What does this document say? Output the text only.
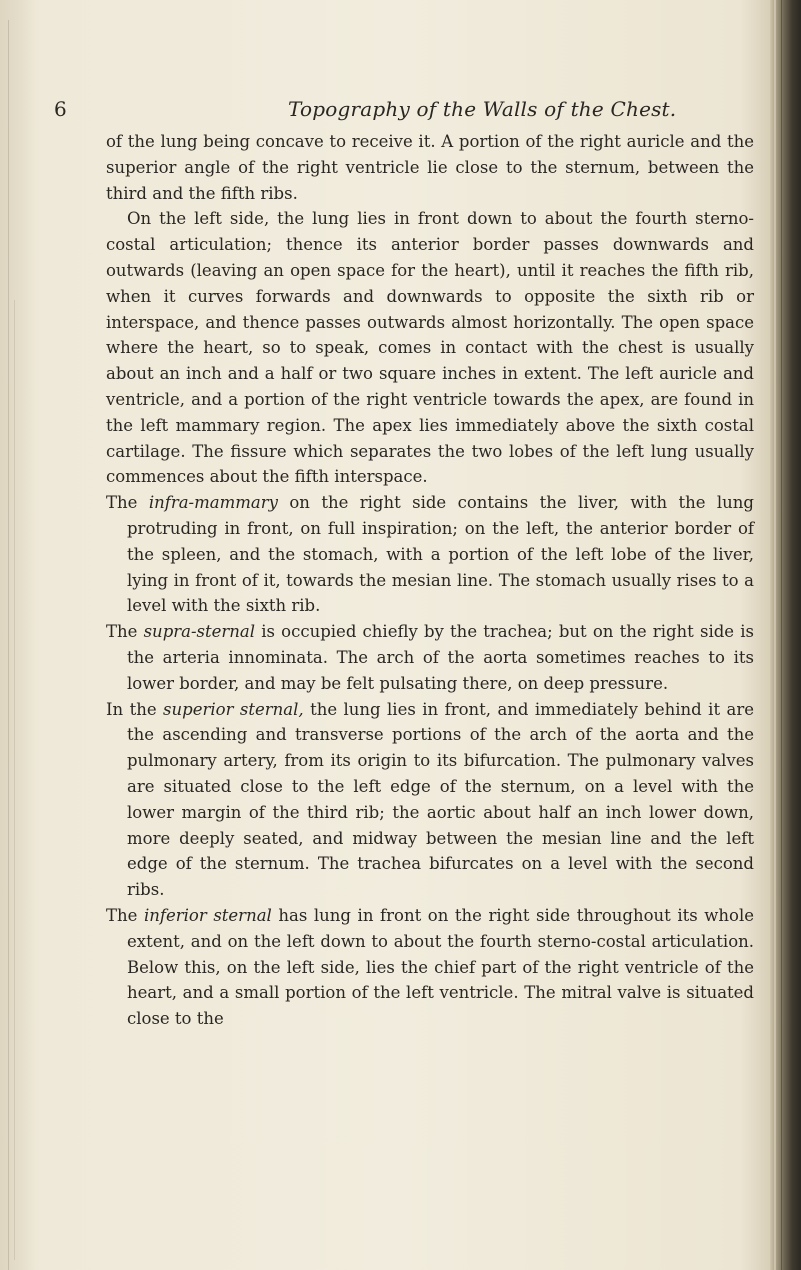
6	Topography of the Walls of the Chest.

of the lung being concave to receive it. A portion of the right auricle and the superior angle of the right ventricle lie close to the sternum, between the third and the fifth ribs.

On the left side, the lung lies in front down to about the fourth sterno-costal articulation; thence its anterior border passes downwards and outwards (leaving an open space for the heart), until it reaches the fifth rib, when it curves forwards and downwards to opposite the sixth rib or interspace, and thence passes outwards almost horizontally. The open space where the heart, so to speak, comes in contact with the chest is usually about an inch and a half or two square inches in extent. The left auricle and ventricle, and a portion of the right ventricle towards the apex, are found in the left mammary region. The apex lies immediately above the sixth costal cartilage. The fissure which separates the two lobes of the left lung usually commences about the fifth interspace.

The infra-mammary on the right side contains the liver, with the lung protruding in front, on full inspiration; on the left, the anterior border of the spleen, and the stomach, with a portion of the left lobe of the liver, lying in front of it, towards the mesian line. The stomach usually rises to a level with the sixth rib.

The supra-sternal is occupied chiefly by the trachea; but on the right side is the arteria innominata. The arch of the aorta sometimes reaches to its lower border, and may be felt pulsating there, on deep pressure.

In the superior sternal, the lung lies in front, and immediately behind it are the ascending and transverse portions of the arch of the aorta and the pulmonary artery, from its origin to its bifurcation. The pulmonary valves are situated close to the left edge of the sternum, on a level with the lower margin of the third rib; the aortic about half an inch lower down, more deeply seated, and midway between the mesian line and the left edge of the sternum. The trachea bifurcates on a level with the second ribs.

The inferior sternal has lung in front on the right side throughout its whole extent, and on the left down to about the fourth sterno-costal articulation. Below this, on the left side, lies the chief part of the right ventricle of the heart, and a small portion of the left ventricle. The mitral valve is situated close to the
